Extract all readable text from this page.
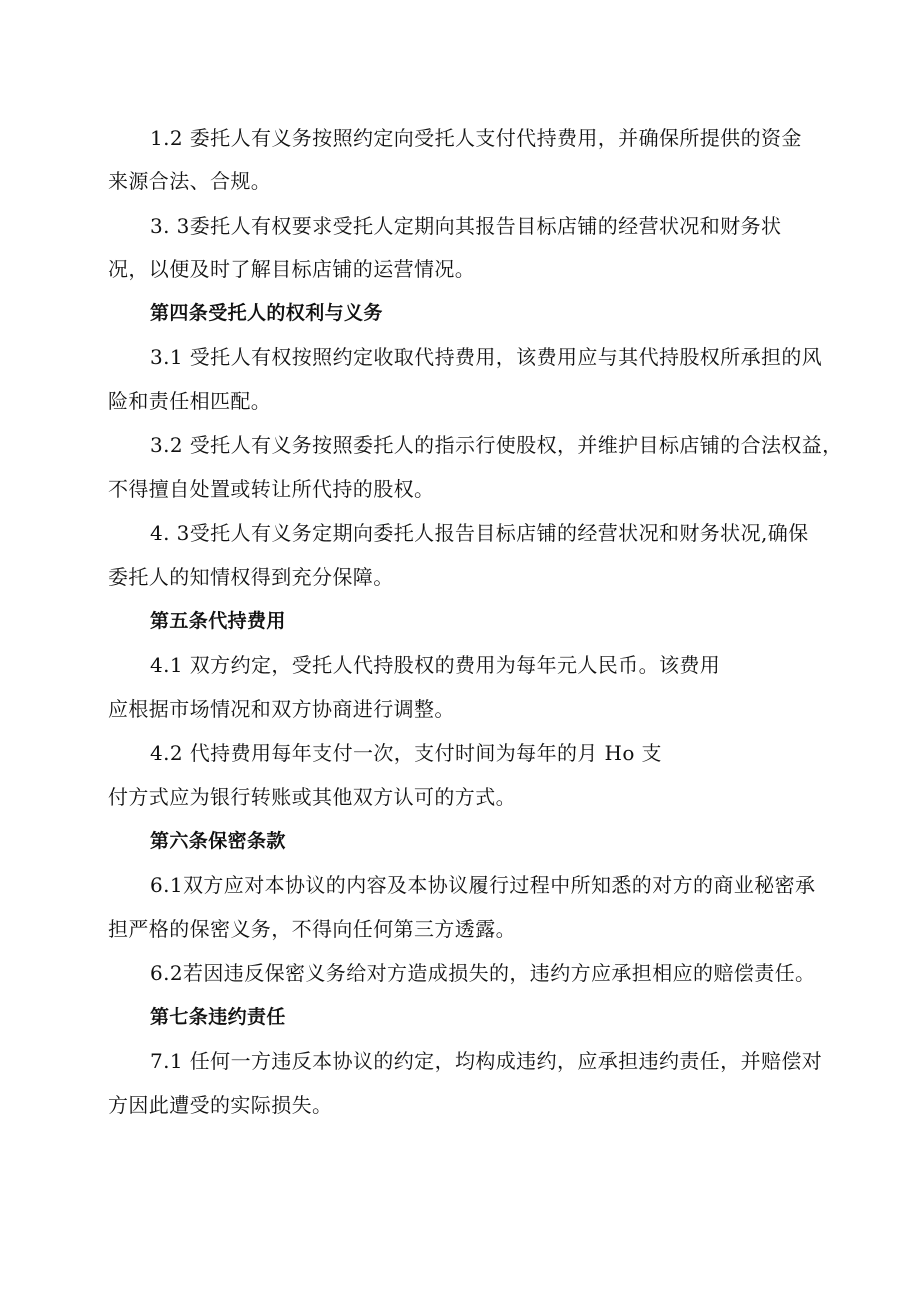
1.2 委托人有义务按照约定向受托人支付代持费用，并确保所提供的资金
来源合法、合规。
3. 3委托人有权要求受托人定期向其报告目标店铺的经营状况和财务状
况，以便及时了解目标店铺的运营情况。
第四条受托人的权利与义务
3.1 受托人有权按照约定收取代持费用，该费用应与其代持股权所承担的风
险和责任相匹配。
3.2 受托人有义务按照委托人的指示行使股权，并维护目标店铺的合法权益，
不得擅自处置或转让所代持的股权。
4. 3受托人有义务定期向委托人报告目标店铺的经营状况和财务状况,确保
委托人的知情权得到充分保障。
第五条代持费用
4.1 双方约定，受托人代持股权的费用为每年元人民币。该费用
应根据市场情况和双方协商进行调整。
4.2 代持费用每年支付一次，支付时间为每年的月 Ho 支
付方式应为银行转账或其他双方认可的方式。
第六条保密条款
6.1双方应对本协议的内容及本协议履行过程中所知悉的对方的商业秘密承
担严格的保密义务，不得向任何第三方透露。
6.2若因违反保密义务给对方造成损失的，违约方应承担相应的赔偿责任。
第七条违约责任
7.1 任何一方违反本协议的约定，均构成违约，应承担违约责任，并赔偿对
方因此遭受的实际损失。
